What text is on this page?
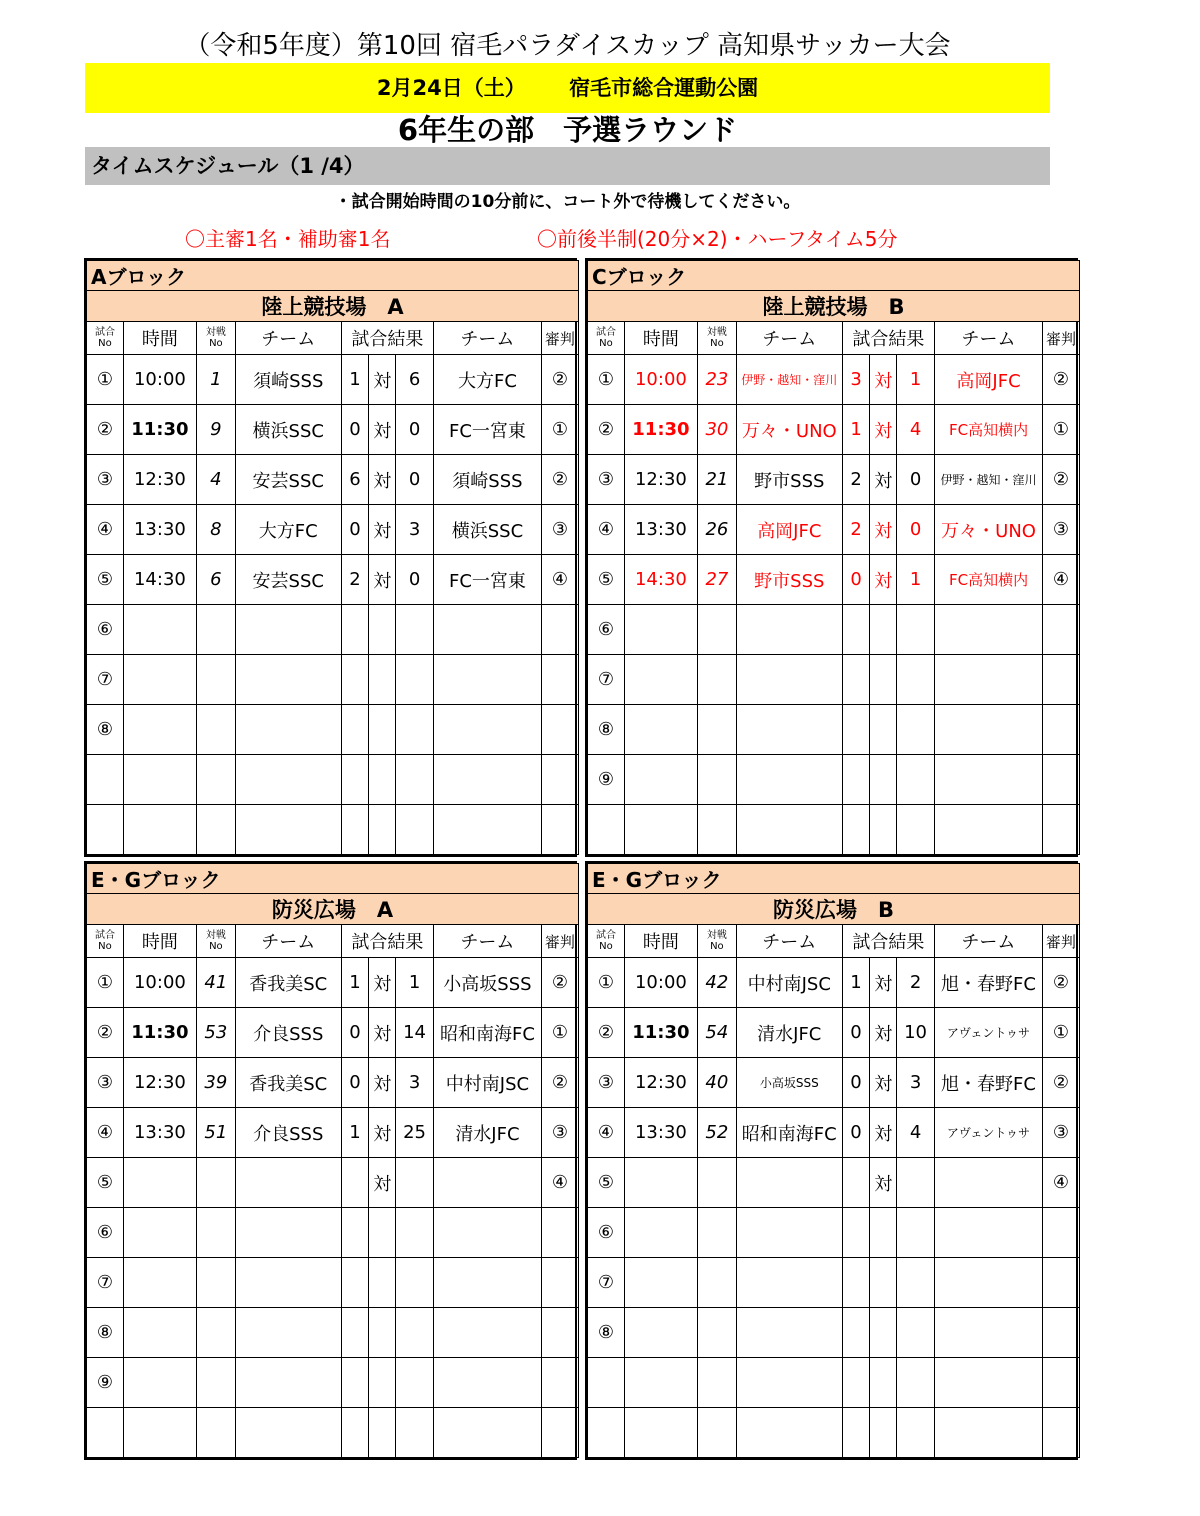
（令和5年度）第10回 宿毛パラダイスカップ 高知県サッカー大会
2月24日（土） 宿毛市総合運動公園
6年生の部　予選ラウンド
タイムスケジュール（1 /4）
・試合開始時間の10分前に、コート外で待機してください。
〇主審1名・補助審1名	〇前後半制(20分×2)・ハーフタイム5分
Aブロック								
陸上競技場　A								
試合
No	時間	対戦
No	チーム	試合結果			チーム	審判
①	10:00	1	須崎SSS	1	対	6	大方FC	②
②	11:30	9	横浜SSC	0	対	0	FC一宮東	①
③	12:30	4	安芸SSC	6	対	0	須崎SSS	②
④	13:30	8	大方FC	0	対	3	横浜SSC	③
⑤	14:30	6	安芸SSC	2	対	0	FC一宮東	④
⑥								
⑦								
⑧								

Cブロック								
陸上競技場　B								
試合
No	時間	対戦
No	チーム	試合結果			チーム	審判
①	10:00	23	伊野・越知・窪川	3	対	1	高岡JFC	②
②	11:30	30	万々・UNO	1	対	4	FC高知横内	①
③	12:30	21	野市SSS	2	対	0	伊野・越知・窪川	②
④	13:30	26	高岡JFC	2	対	0	万々・UNO	③
⑤	14:30	27	野市SSS	0	対	1	FC高知横内	④
⑥								
⑦								
⑧								
⑨								

E・Gブロック								
防災広場　A								
試合
No	時間	対戦
No	チーム	試合結果			チーム	審判
①	10:00	41	香我美SC	1	対	1	小高坂SSS	②
②	11:30	53	介良SSS	0	対	14	昭和南海FC	①
③	12:30	39	香我美SC	0	対	3	中村南JSC	②
④	13:30	51	介良SSS	1	対	25	清水JFC	③
⑤					対			④
⑥								
⑦								
⑧								
⑨								

E・Gブロック								
防災広場　B								
試合
No	時間	対戦
No	チーム	試合結果			チーム	審判
①	10:00	42	中村南JSC	1	対	2	旭・春野FC	②
②	11:30	54	清水JFC	0	対	10	アヴェントゥサ	①
③	12:30	40	小高坂SSS	0	対	3	旭・春野FC	②
④	13:30	52	昭和南海FC	0	対	4	アヴェントゥサ	③
⑤					対			④
⑥								
⑦								
⑧								
